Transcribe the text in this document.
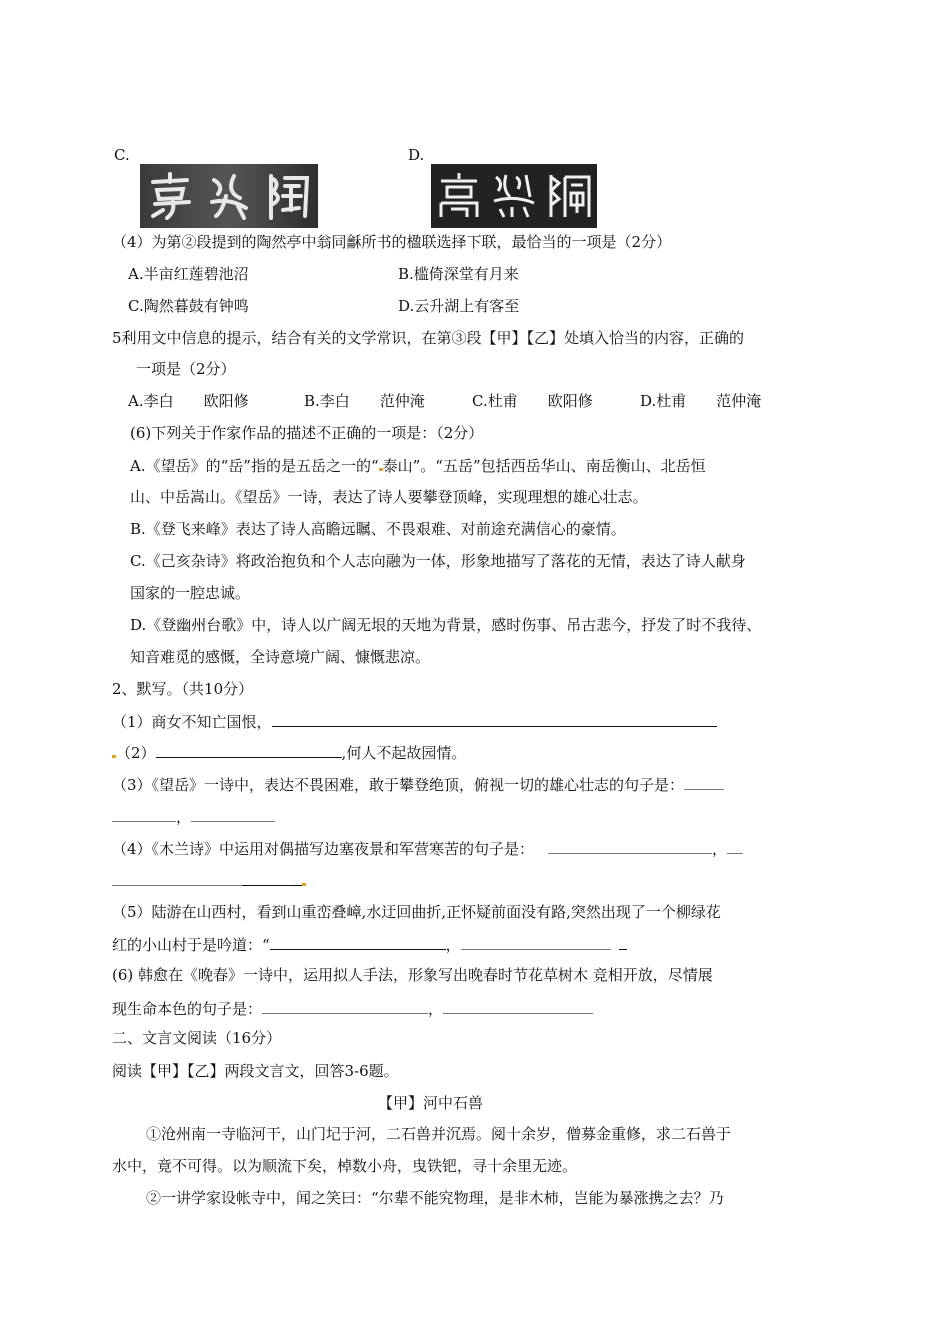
C.	D.
（4）为第②段提到的陶然亭中翁同龢所书的楹联选择下联，最恰当的一项是（2分）
A.半亩红莲碧池沼	B.槛倚深堂有月来
C.陶然暮鼓有钟鸣	D.云升湖上有客至
5利用文中信息的提示，结合有关的文学常识，在第③段【甲】【乙】处填入恰当的内容，正确的
一项是（2分）
A.李白　　欧阳修	B.李白　　范仲淹	C.杜甫　　欧阳修	D.杜甫　　范仲淹
(6)下列关于作家作品的描述不正确的一项是：（2分）
A.《望岳》的“岳”指的是五岳之一的“ 泰山”。“五岳”包括西岳华山、南岳衡山、北岳恒
山、中岳嵩山。《望岳》一诗，表达了诗人要攀登顶峰，实现理想的雄心壮志。
B.《登飞来峰》表达了诗人高瞻远瞩、不畏艰难、对前途充满信心的豪情。
C.《己亥杂诗》将政治抱负和个人志向融为一体，形象地描写了落花的无情，表达了诗人献身
国家的一腔忠诚。
D.《登幽州台歌》中，诗人以广阔无垠的天地为背景，感时伤事、吊古悲今，抒发了时不我待、
知音难觅的感慨，全诗意境广阔、慷慨悲凉。
2、默写。（共10分）
（1）商女不知亡国恨，
（2）	,何人不起故园情。
（3）《望岳》一诗中，表达不畏困难，敢于攀登绝顶，俯视一切的雄心壮志的句子是：
，
（4）《木兰诗》中运用对偶描写边塞夜景和军营寒苦的句子是：	，
（5）陆游在山西村，看到山重峦叠嶂,水迂回曲折,正怀疑前面没有路,突然出现了一个柳绿花
红的小山村于是吟道：“	，
(6) 韩愈在《晚春》一诗中，运用拟人手法，形象写出晚春时节花草树木 竞相开放，尽情展
现生命本色的句子是：	，
二、文言文阅读（16分）
阅读【甲】【乙】两段文言文，回答3-6题。
【甲】河中石兽
①沧州南一寺临河干，山门圮于河，二石兽并沉焉。阅十余岁，僧募金重修，求二石兽于
水中，竟不可得。以为顺流下矣，棹数小舟，曳铁钯，寻十余里无迹。
②一讲学家设帐寺中，闻之笑曰：“尔辈不能究物理，是非木柿，岂能为暴涨携之去？乃
